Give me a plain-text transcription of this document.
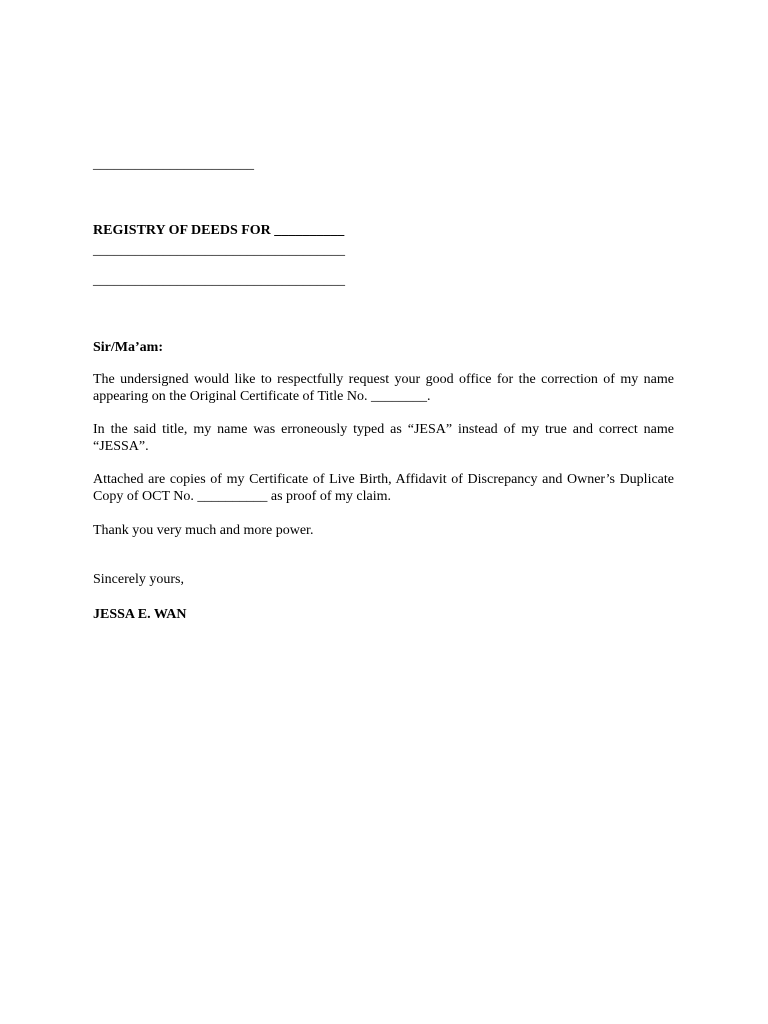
_______________________
REGISTRY OF DEEDS FOR __________
____________________________________
____________________________________
Sir/Ma’am:
The undersigned would like to respectfully request your good office for the correction of my name appearing on the Original Certificate of Title No. ________.
In the said title, my name was erroneously typed as “JESA” instead of my true and correct name “JESSA”.
Attached are copies of my Certificate of Live Birth, Affidavit of Discrepancy and Owner’s Duplicate Copy of OCT No. __________ as proof of my claim.
Thank you very much and more power.
Sincerely yours,
JESSA E. WAN
